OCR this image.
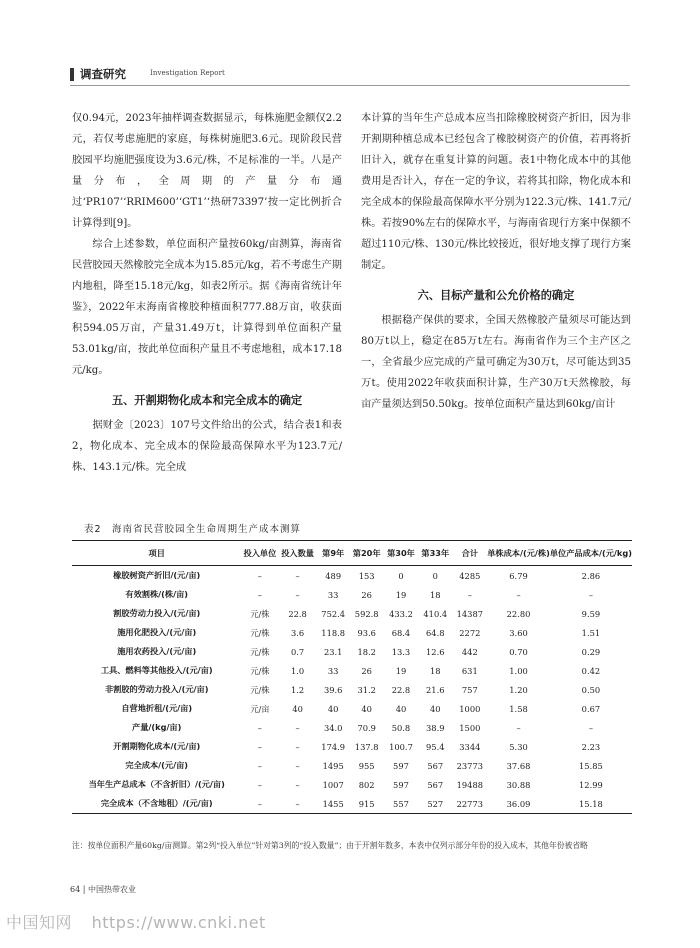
调查研究	Investigation Report

仅0.94元，2023年抽样调查数据显示，每株施肥金额仅2.2元，若仅考虑施肥的家庭，每株树施肥3.6元。现阶段民营胶园平均施肥强度设为3.6元/株，不足标准的一半。八是产量分布，全周期的产量分布通过‘PR107’‘RRIM600’‘GT1’‘热研73397’按一定比例折合计算得到[9]。

综合上述参数，单位面积产量按60kg/亩测算，海南省民营胶园天然橡胶完全成本为15.85元/kg，若不考虑生产期内地租，降至15.18元/kg，如表2所示。据《海南省统计年鉴》，2022年末海南省橡胶种植面积777.88万亩，收获面积594.05万亩，产量31.49万t，计算得到单位面积产量53.01kg/亩，按此单位面积产量且不考虑地租，成本17.18元/kg。

五、开割期物化成本和完全成本的确定

据财金〔2023〕107号文件给出的公式，结合表1和表2，物化成本、完全成本的保险最高保障水平为123.7元/株、143.1元/株。完全成

本计算的当年生产总成本应当扣除橡胶树资产折旧，因为非开割期种植总成本已经包含了橡胶树资产的价值，若再将折旧计入，就存在重复计算的问题。表1中物化成本中的其他费用是否计入，存在一定的争议，若将其扣除，物化成本和完全成本的保险最高保障水平分别为122.3元/株、141.7元/株。若按90%左右的保障水平，与海南省现行方案中保额不超过110元/株、130元/株比较接近，很好地支撑了现行方案制定。

六、目标产量和公允价格的确定

根据稳产保供的要求，全国天然橡胶产量须尽可能达到80万t以上，稳定在85万t左右。海南省作为三个主产区之一，全省最少应完成的产量可确定为30万t，尽可能达到35万t。使用2022年收获面积计算，生产30万t天然橡胶，每亩产量须达到50.50kg。按单位面积产量达到60kg/亩计

表2　海南省民营胶园全生命周期生产成本测算
项目	投入单位	投入数量	第9年	第20年	第30年	第33年	合计	单株成本/(元/株)	单位产品成本/(元/kg)
橡胶树资产折旧/(元/亩)	–	–	489	153	0	0	4285	6.79	2.86
有效割株/(株/亩)	–	–	33	26	19	18	–	–	–
割胶劳动力投入/(元/亩)	元/株	22.8	752.4	592.8	433.2	410.4	14387	22.80	9.59
施用化肥投入/(元/亩)	元/株	3.6	118.8	93.6	68.4	64.8	2272	3.60	1.51
施用农药投入/(元/亩)	元/株	0.7	23.1	18.2	13.3	12.6	442	0.70	0.29
工具、燃料等其他投入/(元/亩)	元/株	1.0	33	26	19	18	631	1.00	0.42
非割胶的劳动力投入/(元/亩)	元/株	1.2	39.6	31.2	22.8	21.6	757	1.20	0.50
自营地折租/(元/亩)	元/亩	40	40	40	40	40	1000	1.58	0.67
产量/(kg/亩)	–	–	34.0	70.9	50.8	38.9	1500	–	–
开割期物化成本/(元/亩)	–	–	174.9	137.8	100.7	95.4	3344	5.30	2.23
完全成本/(元/亩)	–	–	1495	955	597	567	23773	37.68	15.85
当年生产总成本（不含折旧）/(元/亩)	–	–	1007	802	597	567	19488	30.88	12.99
完全成本（不含地租）/(元/亩)	–	–	1455	915	557	527	22773	36.09	15.18
注：按单位面积产量60kg/亩测算。第2列“投入单位”针对第3列的“投入数量”；由于开割年数多，本表中仅列示部分年份的投入成本，其他年份被省略
64 | 中国热带农业
中国知网 https://www.cnki.net
